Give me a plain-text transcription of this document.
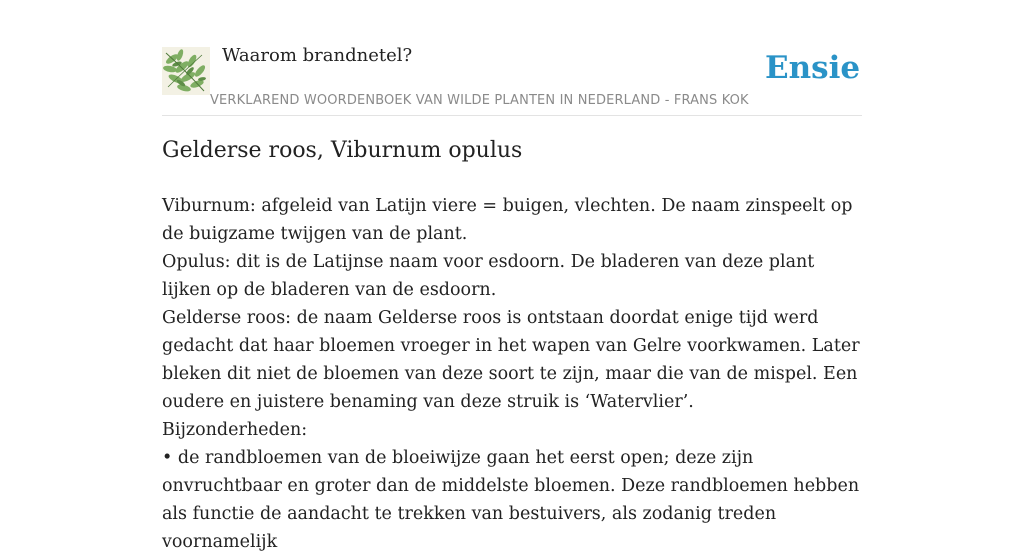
Waarom brandnetel?	Ensie
VERKLAREND WOORDENBOEK VAN WILDE PLANTEN IN NEDERLAND - FRANS KOK
Gelderse roos, Viburnum opulus

Viburnum: afgeleid van Latijn viere = buigen, vlechten. De naam zinspeelt op de buigzame twijgen van de plant.

Opulus: dit is de Latijnse naam voor esdoorn. De bladeren van deze plant lijken op de bladeren van de esdoorn.

Gelderse roos: de naam Gelderse roos is ontstaan doordat enige tijd werd gedacht dat haar bloemen vroeger in het wapen van Gelre voorkwamen. Later bleken dit niet de bloemen van deze soort te zijn, maar die van de mispel. Een oudere en juistere benaming van deze struik is ‘Watervlier’.

Bijzonderheden:

• de randbloemen van de bloeiwijze gaan het eerst open; deze zijn onvruchtbaar en groter dan de middelste bloemen. Deze randbloemen hebben als functie de aandacht te trekken van bestuivers, als zodanig treden voornamelijk
